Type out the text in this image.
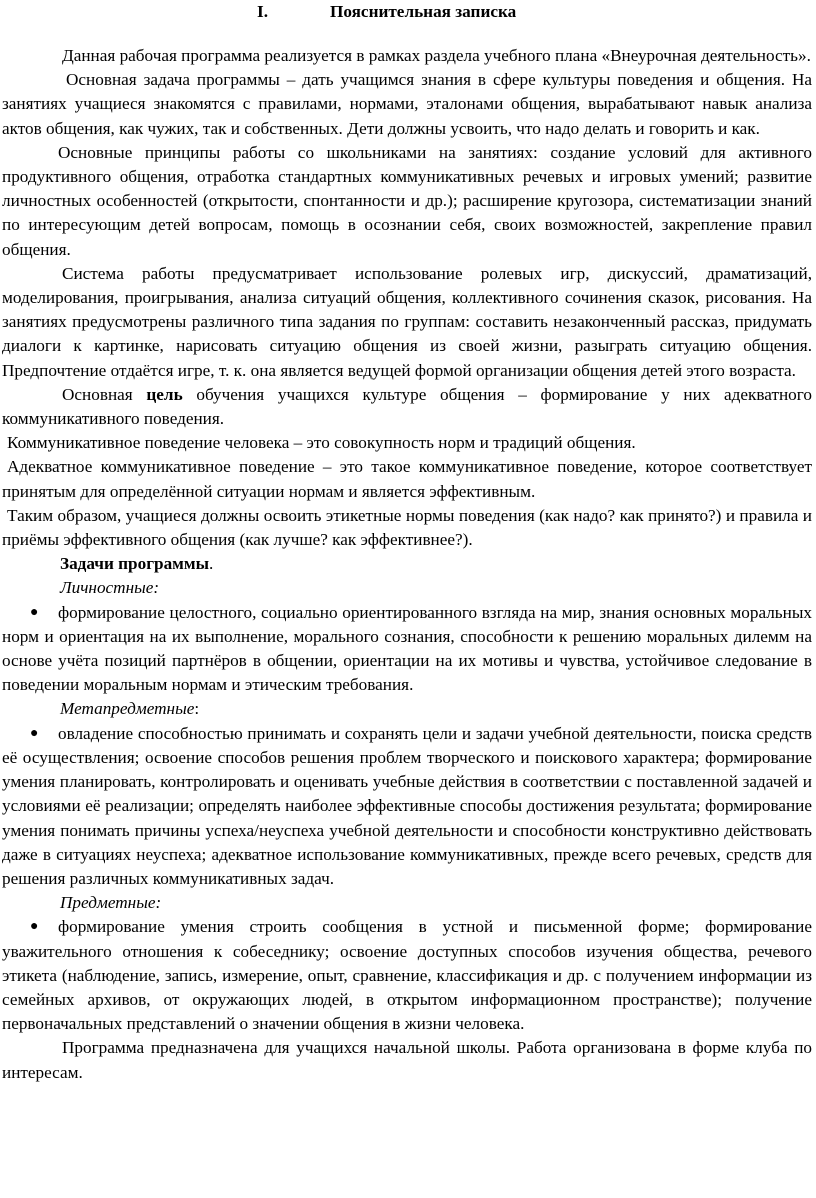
I.	Пояснительная записка

Данная рабочая программа реализуется в рамках раздела учебного плана «Внеурочная деятельность».

Основная задача программы – дать учащимся знания в сфере культуры поведения и общения. На занятиях учащиеся знакомятся с правилами, нормами, эталонами общения, вырабатывают навык анализа актов общения, как чужих, так и собственных. Дети должны усвоить, что надо делать и говорить и как.

Основные принципы работы со школьниками на занятиях: создание условий для активного продуктивного общения, отработка стандартных коммуникативных речевых и игровых умений; развитие личностных особенностей (открытости, спонтанности и др.); расширение кругозора, систематизации знаний по интересующим детей вопросам, помощь в осознании себя, своих возможностей, закрепление правил общения.

Система работы предусматривает использование ролевых игр, дискуссий, драматизаций, моделирования, проигрывания, анализа ситуаций общения, коллективного сочинения сказок, рисования. На занятиях предусмотрены различного типа задания по группам: составить незаконченный рассказ, придумать диалоги к картинке, нарисовать ситуацию общения из своей жизни, разыграть ситуацию общения. Предпочтение отдаётся игре, т. к. она является ведущей формой организации общения детей этого возраста.

Основная цель обучения учащихся культуре общения – формирование у них адекватного коммуникативного поведения.

Коммуникативное поведение человека – это совокупность норм и традиций общения.

Адекватное коммуникативное поведение – это такое коммуникативное поведение, которое соответствует принятым для определённой ситуации нормам и является эффективным.

Таким образом, учащиеся должны освоить этикетные нормы поведения (как надо? как принято?) и правила и приёмы эффективного общения (как лучше? как эффективнее?).

Задачи программы.

Личностные:

●	формирование целостного, социально ориентированного взгляда на мир, знания основных моральных норм и ориентация на их выполнение, морального сознания, способности к решению моральных дилемм на основе учёта позиций партнёров в общении, ориентации на их мотивы и чувства, устойчивое следование в поведении моральным нормам и этическим требования.

Метапредметные:

●	овладение способностью принимать и сохранять цели и задачи учебной деятельности, поиска средств её осуществления; освоение способов решения проблем творческого и поискового характера; формирование умения планировать, контролировать и оценивать учебные действия в соответствии с поставленной задачей и условиями её реализации; определять наиболее эффективные способы достижения результата; формирование умения понимать причины успеха/неуспеха учебной деятельности и способности конструктивно действовать даже в ситуациях неуспеха; адекватное использование коммуникативных, прежде всего речевых, средств для решения различных коммуникативных задач.

Предметные:

●	формирование умения строить сообщения в устной и письменной форме; формирование уважительного отношения к собеседнику; освоение доступных способов изучения общества, речевого этикета (наблюдение, запись, измерение, опыт, сравнение, классификация и др. с получением информации из семейных архивов, от окружающих людей, в открытом информационном пространстве); получение первоначальных представлений о значении общения в жизни человека.

Программа предназначена для учащихся начальной школы. Работа организована в форме клуба по интересам.
